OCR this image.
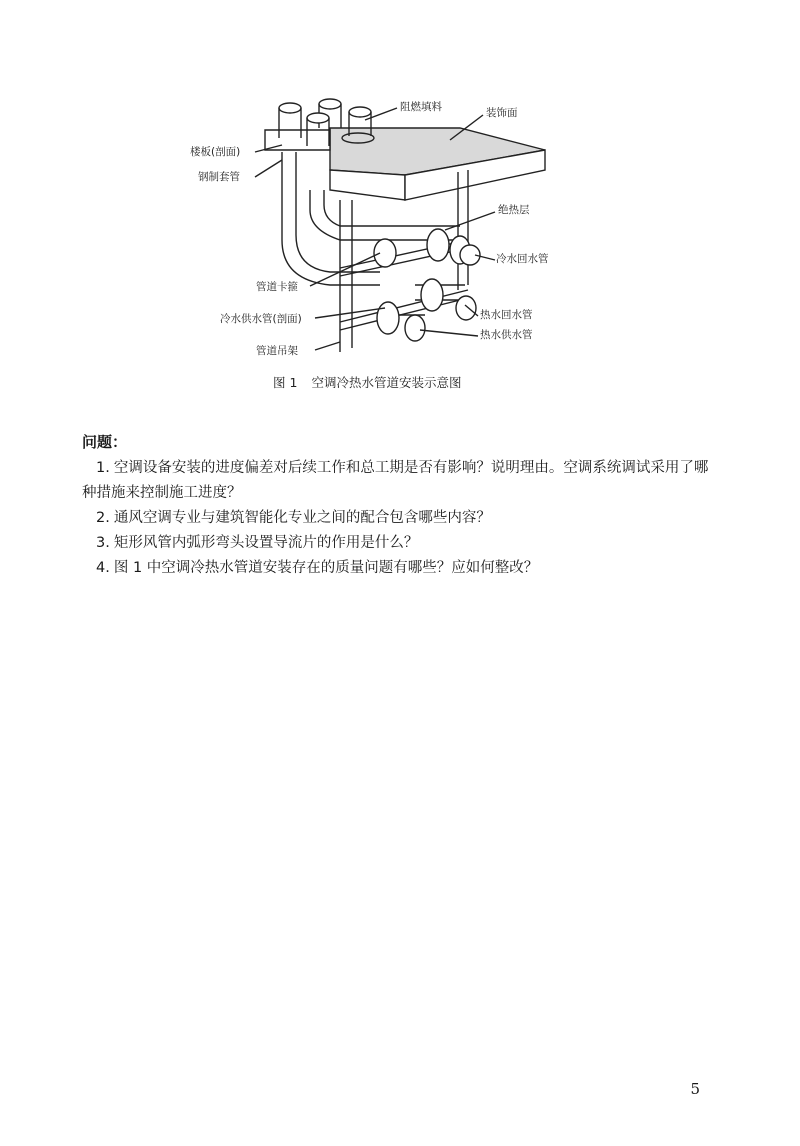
阻燃填料	装饰面
楼板(剖面)
钢制套管
绝热层
冷水回水管
管道卡箍
冷水供水管(剖面)	热水回水管
热水供水管
管道吊架
图 1 空调冷热水管道安装示意图
问题：
1. 空调设备安装的进度偏差对后续工作和总工期是否有影响？说明理由。空调系统调试采用了哪种措施来控制施工进度？
2. 通风空调专业与建筑智能化专业之间的配合包含哪些内容？
3. 矩形风管内弧形弯头设置导流片的作用是什么？
4. 图 1 中空调冷热水管道安装存在的质量问题有哪些？应如何整改？
5
